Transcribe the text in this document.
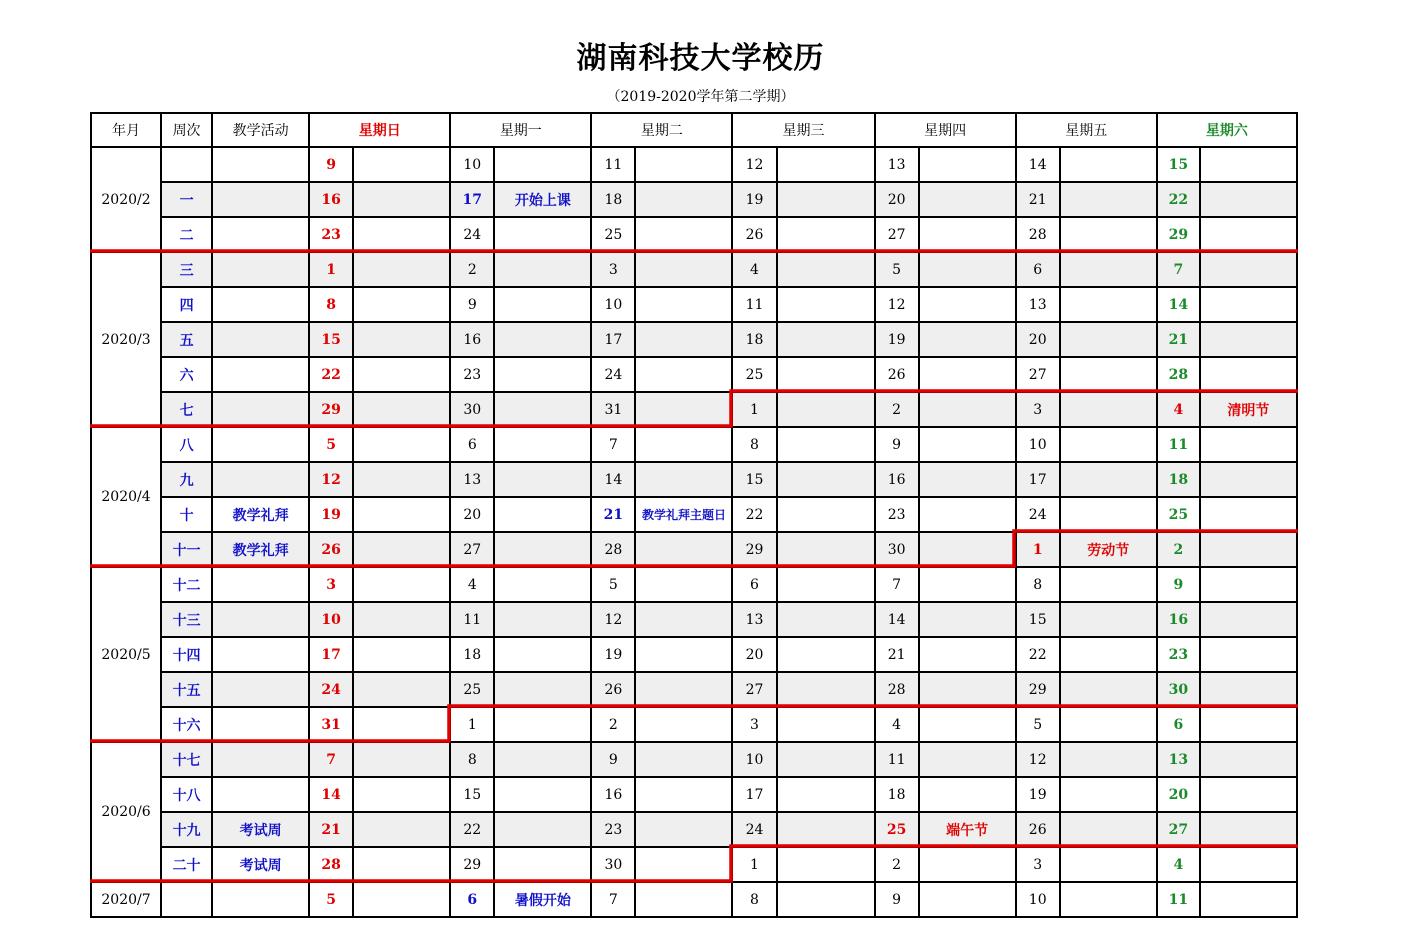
湖南科技大学校历
（2019-2020学年第二学期）
年月	周次	教学活动	星期日		星期一		星期二		星期三		星期四		星期五		星期六	
2020/2			9		10		11		12		13		14		15	
	一		16		17	开始上课	18		19		20		21		22	
	二		23		24		25		26		27		28		29	
2020/3	三		1		2		3		4		5		6		7	
	四		8		9		10		11		12		13		14	
	五		15		16		17		18		19		20		21	
	六		22		23		24		25		26		27		28	
	七		29		30		31		1		2		3		4	清明节
2020/4	八		5		6		7		8		9		10		11	
	九		12		13		14		15		16		17		18	
	十	教学礼拜	19		20		21	教学礼拜主题日	22		23		24		25	
	十一	教学礼拜	26		27		28		29		30		1	劳动节	2	
2020/5	十二		3		4		5		6		7		8		9	
	十三		10		11		12		13		14		15		16	
	十四		17		18		19		20		21		22		23	
	十五		24		25		26		27		28		29		30	
	十六		31		1		2		3		4		5		6	
2020/6	十七		7		8		9		10		11		12		13	
	十八		14		15		16		17		18		19		20	
	十九	考试周	21		22		23		24		25	端午节	26		27	
	二十	考试周	28		29		30		1		2		3		4	
2020/7			5		6	暑假开始	7		8		9		10		11	
